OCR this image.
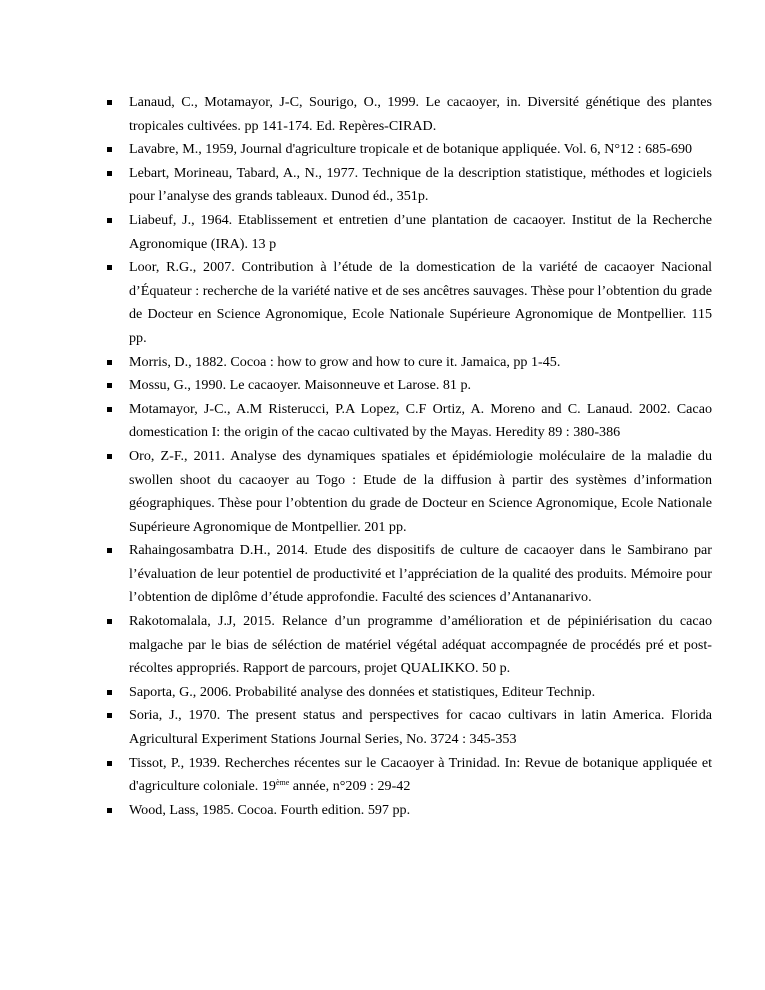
Lanaud, C., Motamayor, J-C, Sourigo, O., 1999. Le cacaoyer, in. Diversité génétique des plantes tropicales cultivées. pp 141-174. Ed. Repères-CIRAD.
Lavabre, M., 1959, Journal d'agriculture tropicale et de botanique appliquée. Vol. 6, N°12 : 685-690
Lebart, Morineau, Tabard, A., N., 1977. Technique de la description statistique, méthodes et logiciels pour l’analyse des grands tableaux. Dunod éd., 351p.
Liabeuf, J., 1964. Etablissement et entretien d’une plantation de cacaoyer. Institut de la Recherche Agronomique (IRA). 13 p
Loor, R.G., 2007. Contribution à l’étude de la domestication de la variété de cacaoyer Nacional d’Équateur : recherche de la variété native et de ses ancêtres sauvages. Thèse pour l’obtention du grade de Docteur en Science Agronomique, Ecole Nationale Supérieure Agronomique de Montpellier. 115 pp.
Morris, D., 1882. Cocoa : how to grow and how to cure it. Jamaica, pp 1-45.
Mossu, G., 1990. Le cacaoyer. Maisonneuve et Larose. 81 p.
Motamayor, J-C., A.M Risterucci, P.A Lopez, C.F Ortiz, A. Moreno and C. Lanaud. 2002. Cacao domestication I: the origin of the cacao cultivated by the Mayas. Heredity 89 : 380-386
Oro, Z-F., 2011. Analyse des dynamiques spatiales et épidémiologie moléculaire de la maladie du swollen shoot du cacaoyer au Togo : Etude de la diffusion à partir des systèmes d’information géographiques. Thèse pour l’obtention du grade de Docteur en Science Agronomique, Ecole Nationale Supérieure Agronomique de Montpellier. 201 pp.
Rahaingosambatra D.H., 2014. Etude des dispositifs de culture de cacaoyer dans le Sambirano par l’évaluation de leur potentiel de productivité et l’appréciation de la qualité des produits. Mémoire pour l’obtention de diplôme d’étude approfondie. Faculté des sciences d’Antananarivo.
Rakotomalala, J.J, 2015. Relance d’un programme d’amélioration et de pépiniérisation du cacao malgache par le bias de séléction de matériel végétal adéquat accompagnée de procédés pré et post-récoltes appropriés. Rapport de parcours, projet QUALIKKO. 50 p.
Saporta, G., 2006. Probabilité analyse des données et statistiques, Editeur Technip.
Soria, J., 1970. The present status and perspectives for cacao cultivars in latin America. Florida Agricultural Experiment Stations Journal Series, No. 3724 : 345-353
Tissot, P., 1939. Recherches récentes sur le Cacaoyer à Trinidad. In: Revue de botanique appliquée et d'agriculture coloniale. 19ème année, n°209 : 29-42
Wood, Lass, 1985. Cocoa. Fourth edition. 597 pp.
